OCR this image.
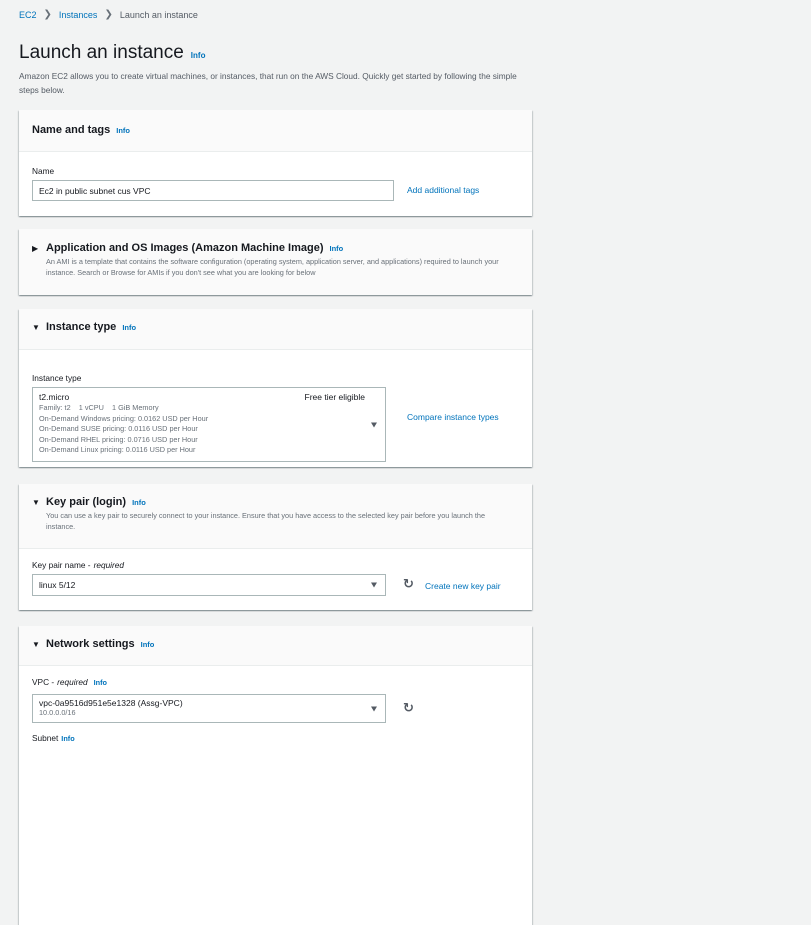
EC2 ❯ Instances ❯ Launch an instance
Launch an instance Info

Amazon EC2 allows you to create virtual machines, or instances, that run on the AWS Cloud. Quickly get started by following the simple steps below.

Name and tags Info
Name
Ec2 in public subnet cus VPC	Add additional tags
▶ Application and OS Images (Amazon Machine Image) Info
An AMI is a template that contains the software configuration (operating system, application server, and applications) required to launch your instance. Search or Browse for AMIs if you don't see what you are looking for below
▼ Instance type Info
Instance type
t2.micro	Free tier eligible
Family: t2    1 vCPU    1 GiB Memory
On-Demand Windows pricing: 0.0162 USD per Hour
On-Demand SUSE pricing: 0.0116 USD per Hour
On-Demand RHEL pricing: 0.0716 USD per Hour
On-Demand Linux pricing: 0.0116 USD per Hour
Compare instance types
▼ Key pair (login) Info
You can use a key pair to securely connect to your instance. Ensure that you have access to the selected key pair before you launch the instance.
Key pair name - required
linux 5/12	↻ Create new key pair
▼ Network settings Info
VPC - required Info
vpc-0a9516d951e5e1328 (Assg-VPC)
10.0.0.0/16	↻
Subnet Info
